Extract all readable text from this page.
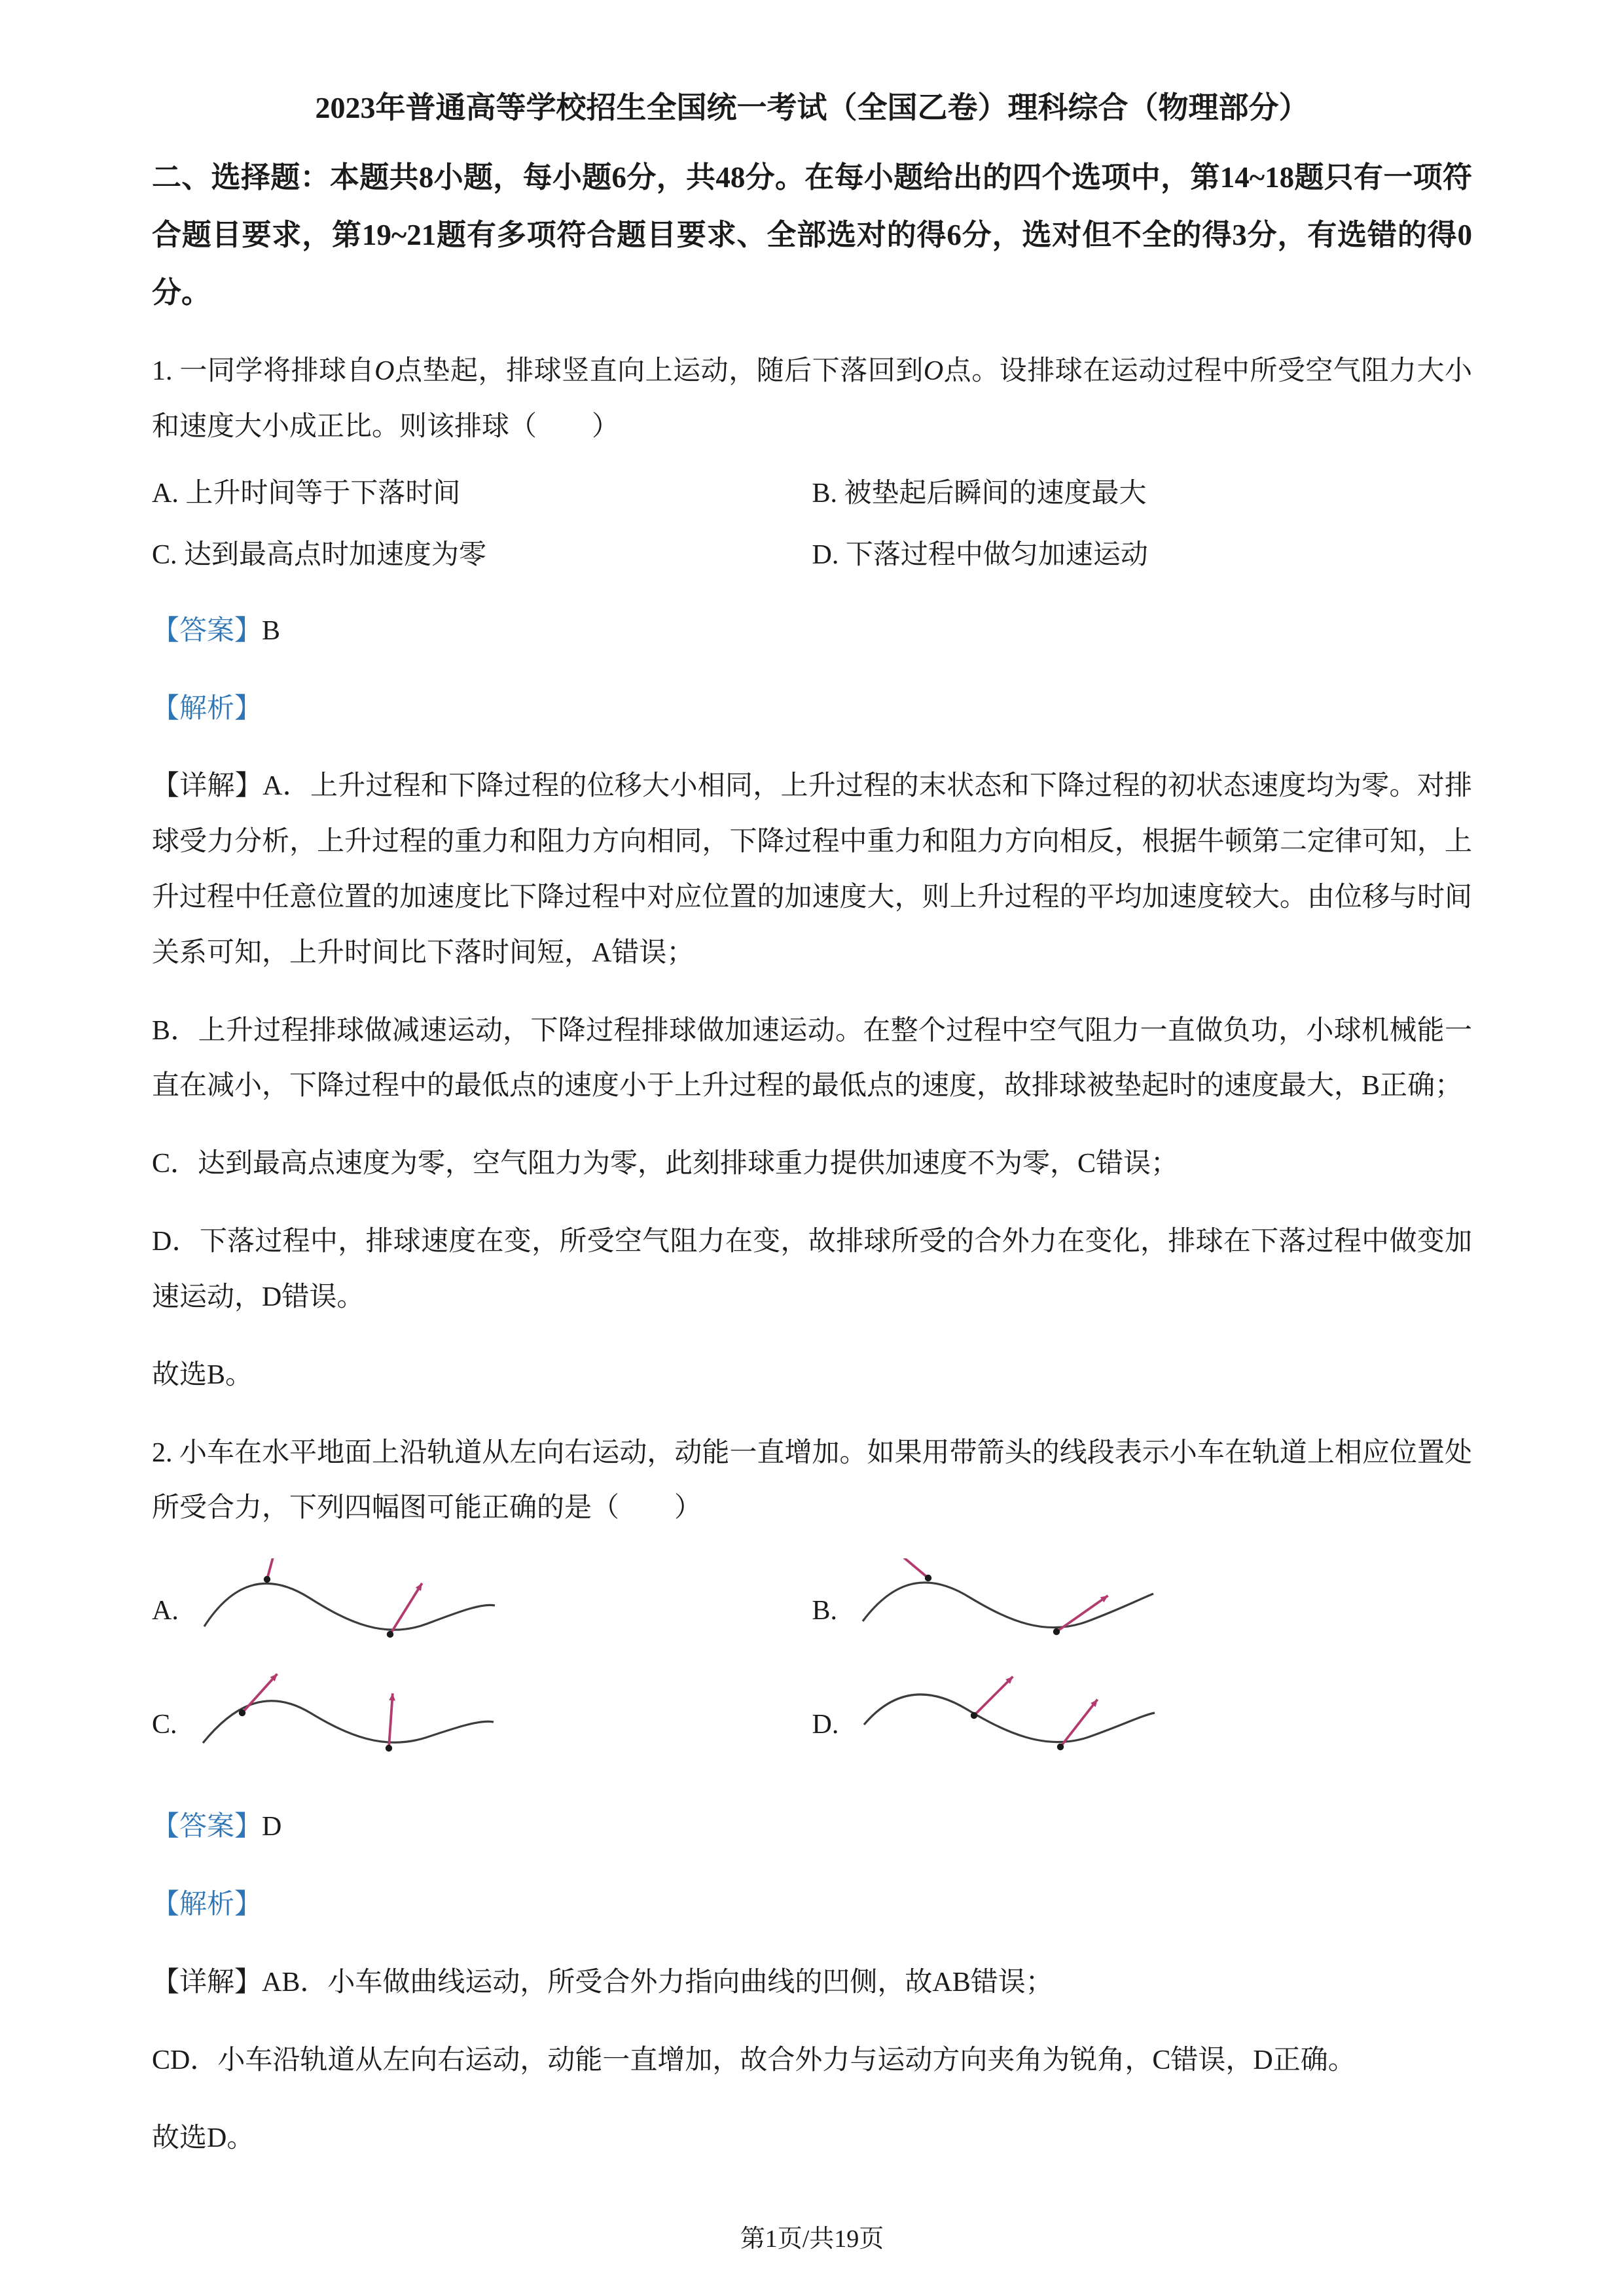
2023年普通高等学校招生全国统一考试（全国乙卷）理科综合（物理部分）

二、选择题：本题共8小题，每小题6分，共48分。在每小题给出的四个选项中，第14~18题只有一项符合题目要求，第19~21题有多项符合题目要求、全部选对的得6分，选对但不全的得3分，有选错的得0分。

1. 一同学将排球自O点垫起，排球竖直向上运动，随后下落回到O点。设排球在运动过程中所受空气阻力大小和速度大小成正比。则该排球（　　）

A. 上升时间等于下落时间	B. 被垫起后瞬间的速度最大
C. 达到最高点时加速度为零	D. 下落过程中做匀加速运动

【答案】B

【解析】

【详解】A．上升过程和下降过程的位移大小相同，上升过程的末状态和下降过程的初状态速度均为零。对排球受力分析，上升过程的重力和阻力方向相同，下降过程中重力和阻力方向相反，根据牛顿第二定律可知，上升过程中任意位置的加速度比下降过程中对应位置的加速度大，则上升过程的平均加速度较大。由位移与时间关系可知，上升时间比下落时间短，A错误；

B．上升过程排球做减速运动，下降过程排球做加速运动。在整个过程中空气阻力一直做负功，小球机械能一直在减小，下降过程中的最低点的速度小于上升过程的最低点的速度，故排球被垫起时的速度最大，B正确；

C．达到最高点速度为零，空气阻力为零，此刻排球重力提供加速度不为零，C错误；

D．下落过程中，排球速度在变，所受空气阻力在变，故排球所受的合外力在变化，排球在下落过程中做变加速运动，D错误。

故选B。

2. 小车在水平地面上沿轨道从左向右运动，动能一直增加。如果用带箭头的线段表示小车在轨道上相应位置处所受合力，下列四幅图可能正确的是（　　）

A.	B.
C.	D.

【答案】D

【解析】

【详解】AB．小车做曲线运动，所受合外力指向曲线的凹侧，故AB错误；

CD．小车沿轨道从左向右运动，动能一直增加，故合外力与运动方向夹角为锐角，C错误，D正确。

故选D。

第1页/共19页
